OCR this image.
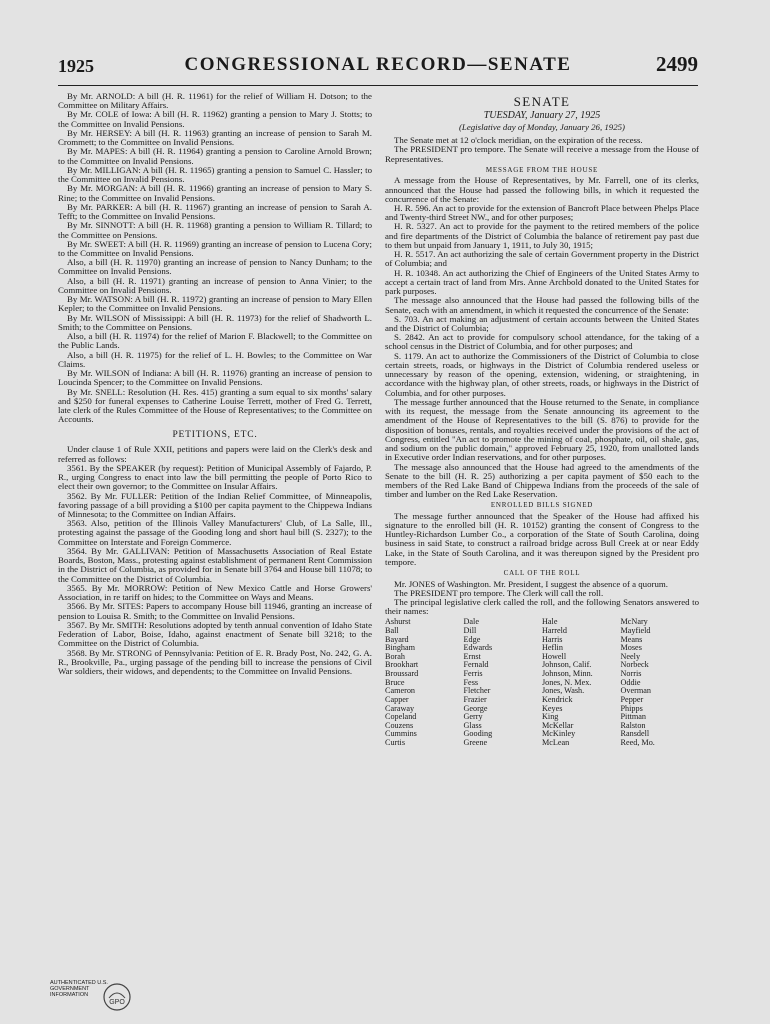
1925	CONGRESSIONAL RECORD—SENATE	2499

By Mr. ARNOLD: A bill (H. R. 11961) for the relief of William H. Dotson; to the Committee on Military Affairs.

By Mr. COLE of Iowa: A bill (H. R. 11962) granting a pension to Mary J. Stotts; to the Committee on Invalid Pensions.

By Mr. HERSEY: A bill (H. R. 11963) granting an increase of pension to Sarah M. Crommett; to the Committee on Invalid Pensions.

By Mr. MAPES: A bill (H. R. 11964) granting a pension to Caroline Arnold Brown; to the Committee on Invalid Pensions.

By Mr. MILLIGAN: A bill (H. R. 11965) granting a pension to Samuel C. Hassler; to the Committee on Invalid Pensions.

By Mr. MORGAN: A bill (H. R. 11966) granting an increase of pension to Mary S. Rine; to the Committee on Invalid Pensions.

By Mr. PARKER: A bill (H. R. 11967) granting an increase of pension to Sarah A. Tefft; to the Committee on Invalid Pensions.

By Mr. SINNOTT: A bill (H. R. 11968) granting a pension to William R. Tillard; to the Committee on Pensions.

By Mr. SWEET: A bill (H. R. 11969) granting an increase of pension to Lucena Cory; to the Committee on Invalid Pensions.

Also, a bill (H. R. 11970) granting an increase of pension to Nancy Dunham; to the Committee on Invalid Pensions.

Also, a bill (H. R. 11971) granting an increase of pension to Anna Vinier; to the Committee on Invalid Pensions.

By Mr. WATSON: A bill (H. R. 11972) granting an increase of pension to Mary Ellen Kepler; to the Committee on Invalid Pensions.

By Mr. WILSON of Mississippi: A bill (H. R. 11973) for the relief of Shadworth L. Smith; to the Committee on Pensions.

Also, a bill (H. R. 11974) for the relief of Marion F. Blackwell; to the Committee on the Public Lands.

Also, a bill (H. R. 11975) for the relief of L. H. Bowles; to the Committee on War Claims.

By Mr. WILSON of Indiana: A bill (H. R. 11976) granting an increase of pension to Loucinda Spencer; to the Committee on Invalid Pensions.

By Mr. SNELL: Resolution (H. Res. 415) granting a sum equal to six months' salary and $250 for funeral expenses to Catherine Louise Terrett, mother of Fred G. Terrett, late clerk of the Rules Committee of the House of Representatives; to the Committee on Accounts.

PETITIONS, ETC.

Under clause 1 of Rule XXII, petitions and papers were laid on the Clerk's desk and referred as follows:

3561. By the SPEAKER (by request): Petition of Municipal Assembly of Fajardo, P. R., urging Congress to enact into law the bill permitting the people of Porto Rico to elect their own governor; to the Committee on Insular Affairs.

3562. By Mr. FULLER: Petition of the Indian Relief Committee, of Minneapolis, favoring passage of a bill providing a $100 per capita payment to the Chippewa Indians of Minnesota; to the Committee on Indian Affairs.

3563. Also, petition of the Illinois Valley Manufacturers' Club, of La Salle, Ill., protesting against the passage of the Gooding long and short haul bill (S. 2327); to the Committee on Interstate and Foreign Commerce.

3564. By Mr. GALLIVAN: Petition of Massachusetts Association of Real Estate Boards, Boston, Mass., protesting against establishment of permanent Rent Commission in the District of Columbia, as provided for in Senate bill 3764 and House bill 11078; to the Committee on the District of Columbia.

3565. By Mr. MORROW: Petition of New Mexico Cattle and Horse Growers' Association, in re tariff on hides; to the Committee on Ways and Means.

3566. By Mr. SITES: Papers to accompany House bill 11946, granting an increase of pension to Louisa R. Smith; to the Committee on Invalid Pensions.

3567. By Mr. SMITH: Resolutions adopted by tenth annual convention of Idaho State Federation of Labor, Boise, Idaho, against enactment of Senate bill 3218; to the Committee on the District of Columbia.

3568. By Mr. STRONG of Pennsylvania: Petition of E. R. Brady Post, No. 242, G. A. R., Brookville, Pa., urging passage of the pending bill to increase the pensions of Civil War soldiers, their widows, and dependents; to the Committee on Invalid Pensions.

SENATE
TUESDAY, January 27, 1925
(Legislative day of Monday, January 26, 1925)

The Senate met at 12 o'clock meridian, on the expiration of the recess.

The PRESIDENT pro tempore. The Senate will receive a message from the House of Representatives.

MESSAGE FROM THE HOUSE

A message from the House of Representatives, by Mr. Farrell, one of its clerks, announced that the House had passed the following bills, in which it requested the concurrence of the Senate:

H. R. 596. An act to provide for the extension of Bancroft Place between Phelps Place and Twenty-third Street NW., and for other purposes;

H. R. 5327. An act to provide for the payment to the retired members of the police and fire departments of the District of Columbia the balance of retirement pay past due to them but unpaid from January 1, 1911, to July 30, 1915;

H. R. 5517. An act authorizing the sale of certain Government property in the District of Columbia; and

H. R. 10348. An act authorizing the Chief of Engineers of the United States Army to accept a certain tract of land from Mrs. Anne Archbold donated to the United States for park purposes.

The message also announced that the House had passed the following bills of the Senate, each with an amendment, in which it requested the concurrence of the Senate:

S. 703. An act making an adjustment of certain accounts between the United States and the District of Columbia;

S. 2842. An act to provide for compulsory school attendance, for the taking of a school census in the District of Columbia, and for other purposes; and

S. 1179. An act to authorize the Commissioners of the District of Columbia to close certain streets, roads, or highways in the District of Columbia rendered useless or unnecessary by reason of the opening, extension, widening, or straightening, in accordance with the highway plan, of other streets, roads, or highways in the District of Columbia, and for other purposes.

The message further announced that the House returned to the Senate, in compliance with its request, the message from the Senate announcing its agreement to the amendment of the House of Representatives to the bill (S. 876) to provide for the disposition of bonuses, rentals, and royalties received under the provisions of the act of Congress, entitled "An act to promote the mining of coal, phosphate, oil, oil shale, gas, and sodium on the public domain," approved February 25, 1920, from unallotted lands in Executive order Indian reservations, and for other purposes.

The message also announced that the House had agreed to the amendments of the Senate to the bill (H. R. 25) authorizing a per capita payment of $50 each to the members of the Red Lake Band of Chippewa Indians from the proceeds of the sale of timber and lumber on the Red Lake Reservation.

ENROLLED BILLS SIGNED

The message further announced that the Speaker of the House had affixed his signature to the enrolled bill (H. R. 10152) granting the consent of Congress to the Huntley-Richardson Lumber Co., a corporation of the State of South Carolina, doing business in said State, to construct a railroad bridge across Bull Creek at or near Eddy Lake, in the State of South Carolina, and it was thereupon signed by the President pro tempore.

CALL OF THE ROLL

Mr. JONES of Washington. Mr. President, I suggest the absence of a quorum.

The PRESIDENT pro tempore. The Clerk will call the roll.

The principal legislative clerk called the roll, and the following Senators answered to their names:

Ashurst
Ball
Bayard
Bingham
Borah
Brookhart
Broussard
Bruce
Cameron
Capper
Caraway
Copeland
Couzens
Cummins
Curtis
Dale
Dill
Edge
Edwards
Ernst
Fernald
Ferris
Fess
Fletcher
Frazier
George
Gerry
Glass
Gooding
Greene
Hale
Harreld
Harris
Heflin
Howell
Johnson, Calif.
Johnson, Minn.
Jones, N. Mex.
Jones, Wash.
Kendrick
Keyes
King
McKellar
McKinley
McLean
McNary
Mayfield
Means
Moses
Neely
Norbeck
Norris
Oddie
Overman
Pepper
Phipps
Pittman
Ralston
Ransdell
Reed, Mo.
AUTHENTICATED U.S. GOVERNMENT INFORMATION
GPO
